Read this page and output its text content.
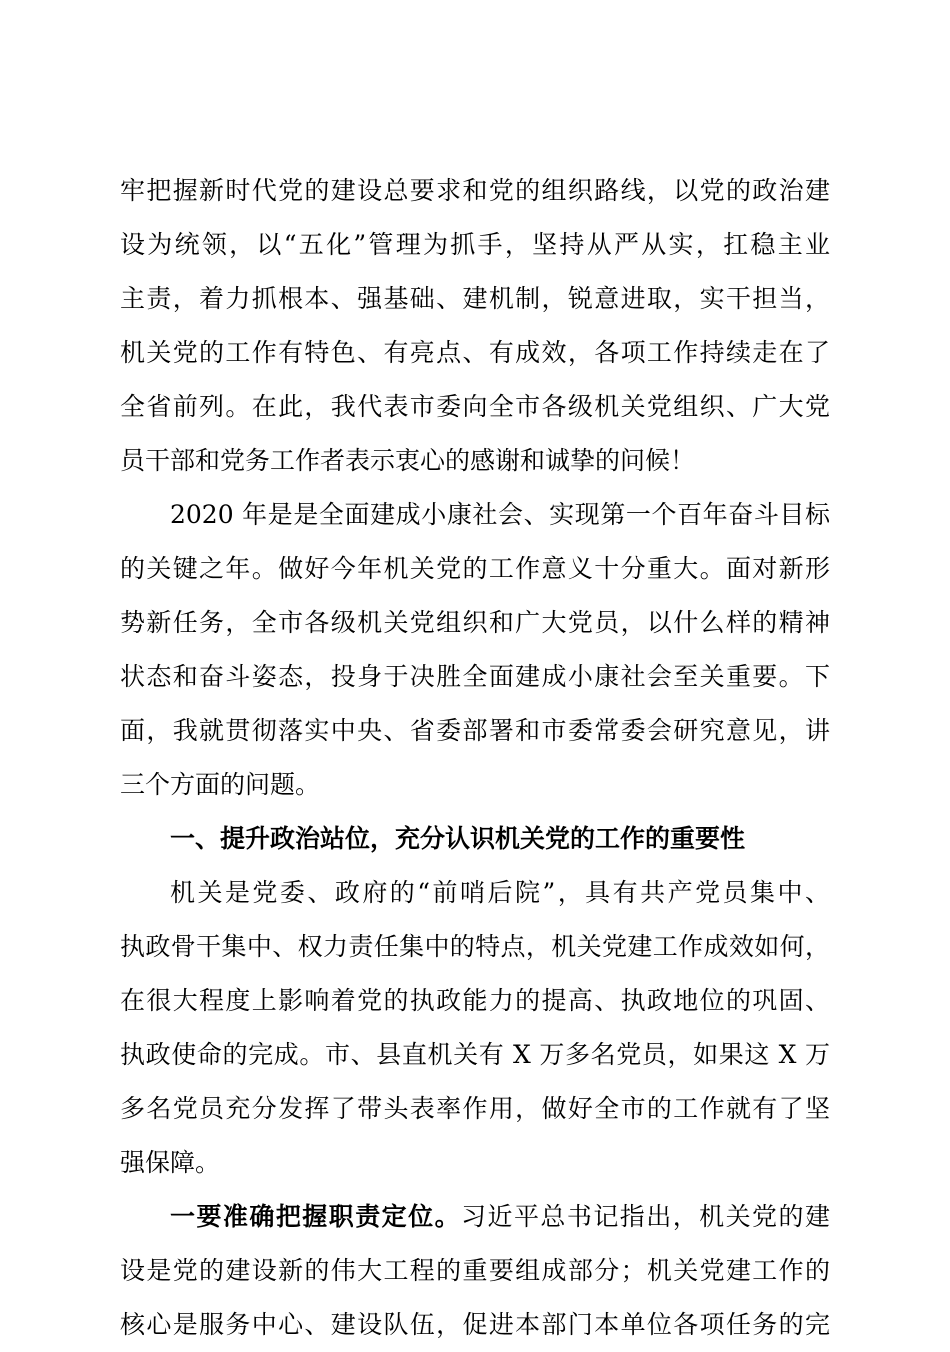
牢把握新时代党的建设总要求和党的组织路线，以党的政治建
设为统领，以“五化”管理为抓手，坚持从严从实，扛稳主业
主责，着力抓根本、强基础、建机制，锐意进取，实干担当，
机关党的工作有特色、有亮点、有成效，各项工作持续走在了
全省前列。在此，我代表市委向全市各级机关党组织、广大党
员干部和党务工作者表示衷心的感谢和诚挚的问候！
2020 年是是全面建成小康社会、实现第一个百年奋斗目标
的关键之年。做好今年机关党的工作意义十分重大。面对新形
势新任务，全市各级机关党组织和广大党员，以什么样的精神
状态和奋斗姿态，投身于决胜全面建成小康社会至关重要。下
面，我就贯彻落实中央、省委部署和市委常委会研究意见，讲
三个方面的问题。
一、提升政治站位，充分认识机关党的工作的重要性
机关是党委、政府的“前哨后院”，具有共产党员集中、
执政骨干集中、权力责任集中的特点，机关党建工作成效如何，
在很大程度上影响着党的执政能力的提高、执政地位的巩固、
执政使命的完成。市、县直机关有 X 万多名党员，如果这 X 万
多名党员充分发挥了带头表率作用，做好全市的工作就有了坚
强保障。
一要准确把握职责定位。习近平总书记指出，机关党的建
设是党的建设新的伟大工程的重要组成部分；机关党建工作的
核心是服务中心、建设队伍，促进本部门本单位各项任务的完
